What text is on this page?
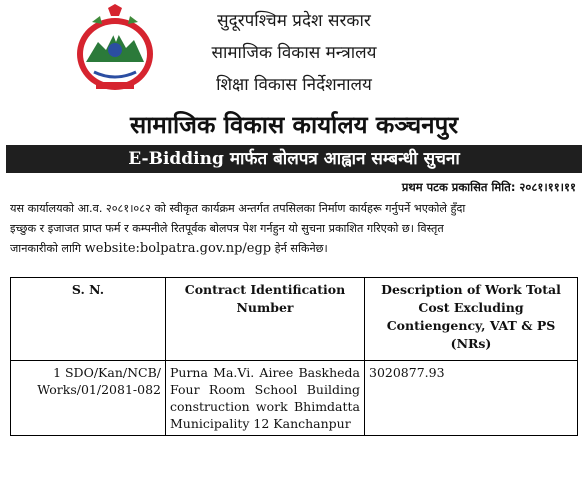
सुदूरपश्चिम प्रदेश सरकार
सामाजिक विकास मन्त्रालय
शिक्षा विकास निर्देशनालय
सामाजिक विकास कार्यालय कञ्चनपुर
E-Bidding मार्फत बोलपत्र आह्वान सम्बन्धी सुचना
प्रथम पटक प्रकासित मिति: २०८१।११।११
यस कार्यालयको आ.व. २०८१।०८२ को स्वीकृत कार्यक्रम अन्तर्गत तपसिलका निर्माण कार्यहरू गर्नुपर्ने भएकोले हुँदा
इच्छुक र इजाजत प्राप्त फर्म र कम्पनीले रितपूर्वक बोलपत्र पेश गर्नहुन यो सुचना प्रकाशित गरिएको छ। विस्तृत
जानकारीको लागि website:bolpatra.gov.np/egp हेर्न सकिनेछ।
S. N.	Contract Identification Number	Description of Work Total Cost Excluding Contiengency, VAT & PS (NRs)
1 SDO/Kan/NCB/
Works/01/2081-082	Purna Ma.Vi. Airee Baskheda Four Room School Building construction work Bhimdatta Municipality 12 Kanchanpur	3020877.93
